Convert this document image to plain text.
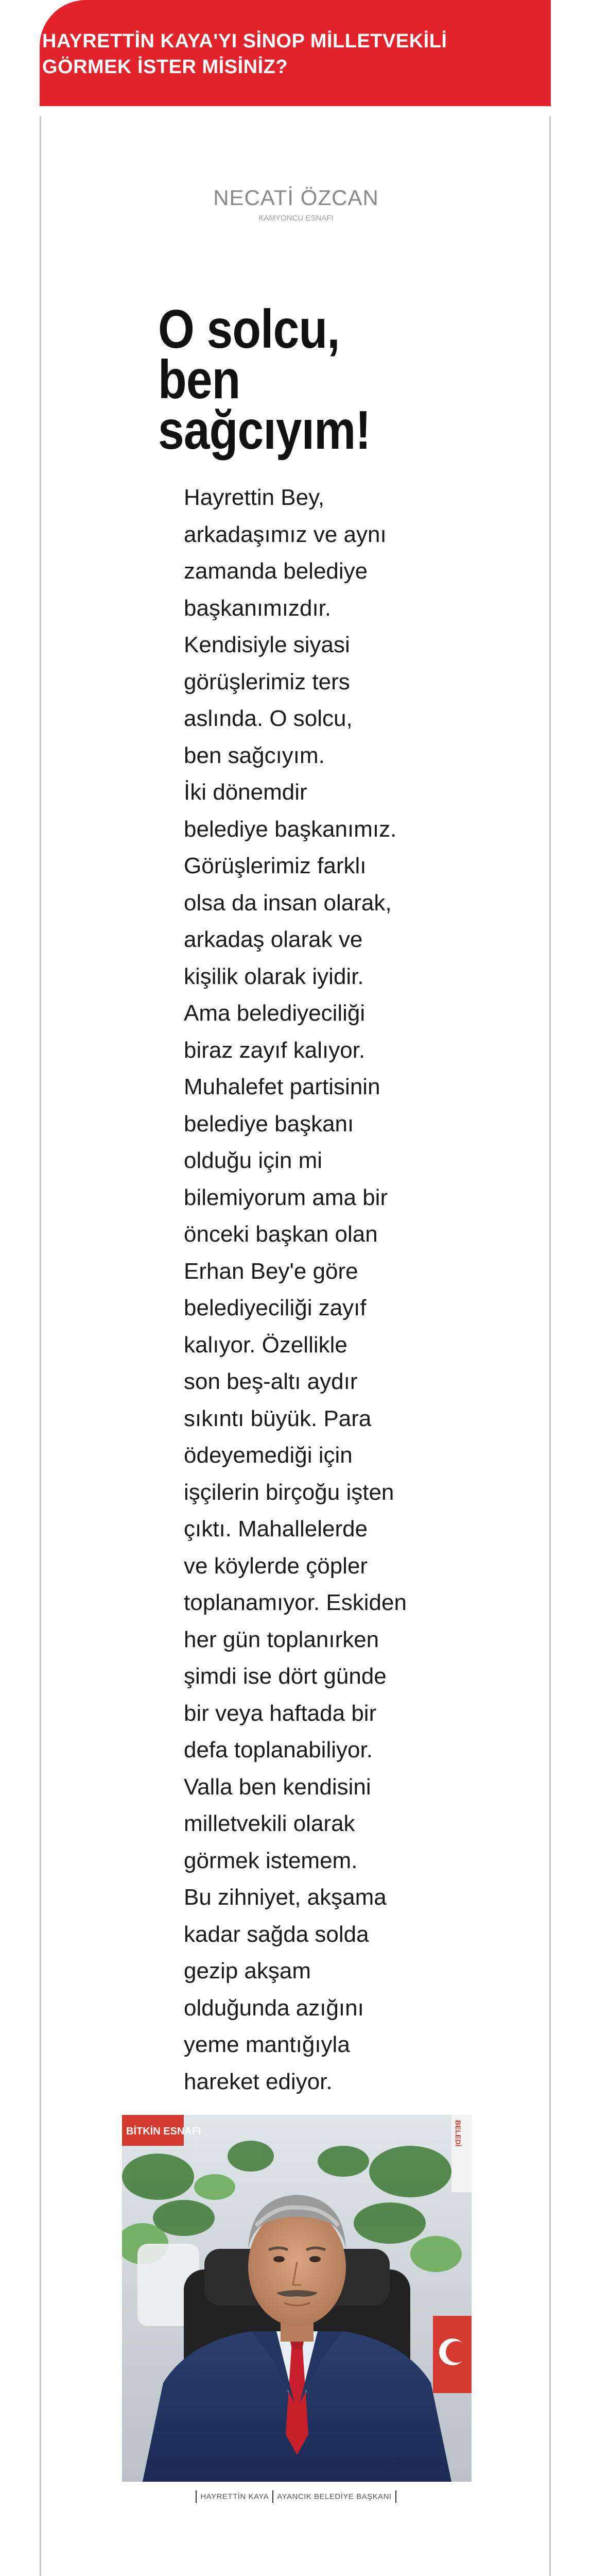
HAYRETTİN KAYA'YI SİNOP MİLLETVEKİLİ
GÖRMEK İSTER MİSİNİZ?

NECATİ ÖZCAN

KAMYONCU ESNAFI

O solcu,
ben
sağcıyım!
Hayrettin Bey,
arkadaşımız ve aynı
zamanda belediye
başkanımızdır.
Kendisiyle siyasi
görüşlerimiz ters
aslında. O solcu,
ben sağcıyım.
İki dönemdir
belediye başkanımız.
Görüşlerimiz farklı
olsa da insan olarak,
arkadaş olarak ve
kişilik olarak iyidir.
Ama belediyeciliği
biraz zayıf kalıyor.
Muhalefet partisinin
belediye başkanı
olduğu için mi
bilemiyorum ama bir
önceki başkan olan
Erhan Bey'e göre
belediyeciliği zayıf
kalıyor. Özellikle
son beş-altı aydır
sıkıntı büyük. Para
ödeyemediği için
işçilerin birçoğu işten
çıktı. Mahallelerde
ve köylerde çöpler
toplanamıyor. Eskiden
her gün toplanırken
şimdi ise dört günde
bir veya haftada bir
defa toplanabiliyor.
Valla ben kendisini
milletvekili olarak
görmek istemem.
Bu zihniyet, akşama
kadar sağda solda
gezip akşam
olduğunda azığını
yeme mantığıyla
hareket ediyor.
BİTKİN ESNAFI	BELEDİ

HAYRETTİN KAYA AYANCIK BELEDİYE BAŞKANI
